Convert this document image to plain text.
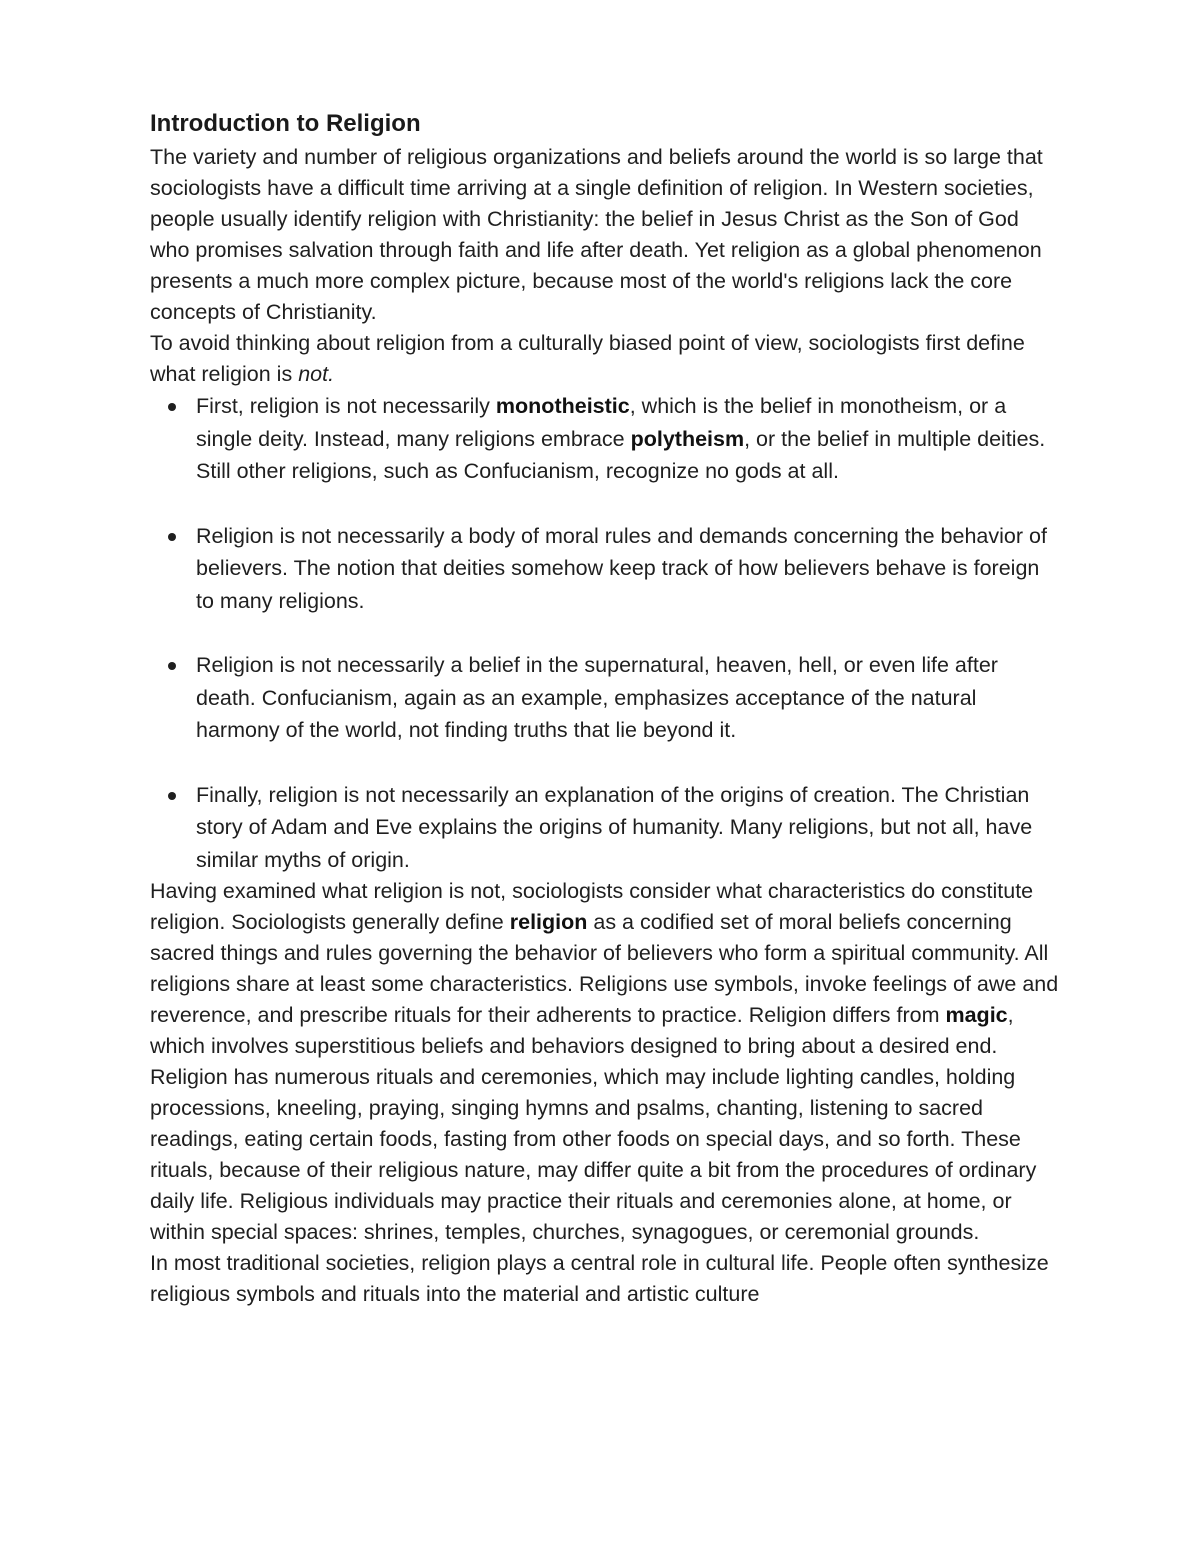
Introduction to Religion

The variety and number of religious organizations and beliefs around the world is so large that sociologists have a difficult time arriving at a single definition of religion. In Western societies, people usually identify religion with Christianity: the belief in Jesus Christ as the Son of God who promises salvation through faith and life after death. Yet religion as a global phenomenon presents a much more complex picture, because most of the world's religions lack the core concepts of Christianity.

To avoid thinking about religion from a culturally biased point of view, sociologists first define what religion is not.

First, religion is not necessarily monotheistic, which is the belief in monotheism, or a single deity. Instead, many religions embrace polytheism, or the belief in multiple deities. Still other religions, such as Confucianism, recognize no gods at all.
Religion is not necessarily a body of moral rules and demands concerning the behavior of believers. The notion that deities somehow keep track of how believers behave is foreign to many religions.
Religion is not necessarily a belief in the supernatural, heaven, hell, or even life after death. Confucianism, again as an example, emphasizes acceptance of the natural harmony of the world, not finding truths that lie beyond it.
Finally, religion is not necessarily an explanation of the origins of creation. The Christian story of Adam and Eve explains the origins of humanity. Many religions, but not all, have similar myths of origin.

Having examined what religion is not, sociologists consider what characteristics do constitute religion. Sociologists generally define religion as a codified set of moral beliefs concerning sacred things and rules governing the behavior of believers who form a spiritual community. All religions share at least some characteristics. Religions use symbols, invoke feelings of awe and reverence, and prescribe rituals for their adherents to practice. Religion differs from magic, which involves superstitious beliefs and behaviors designed to bring about a desired end. Religion has numerous rituals and ceremonies, which may include lighting candles, holding processions, kneeling, praying, singing hymns and psalms, chanting, listening to sacred readings, eating certain foods, fasting from other foods on special days, and so forth. These rituals, because of their religious nature, may differ quite a bit from the procedures of ordinary daily life. Religious individuals may practice their rituals and ceremonies alone, at home, or within special spaces: shrines, temples, churches, synagogues, or ceremonial grounds.

In most traditional societies, religion plays a central role in cultural life. People often synthesize religious symbols and rituals into the material and artistic culture
